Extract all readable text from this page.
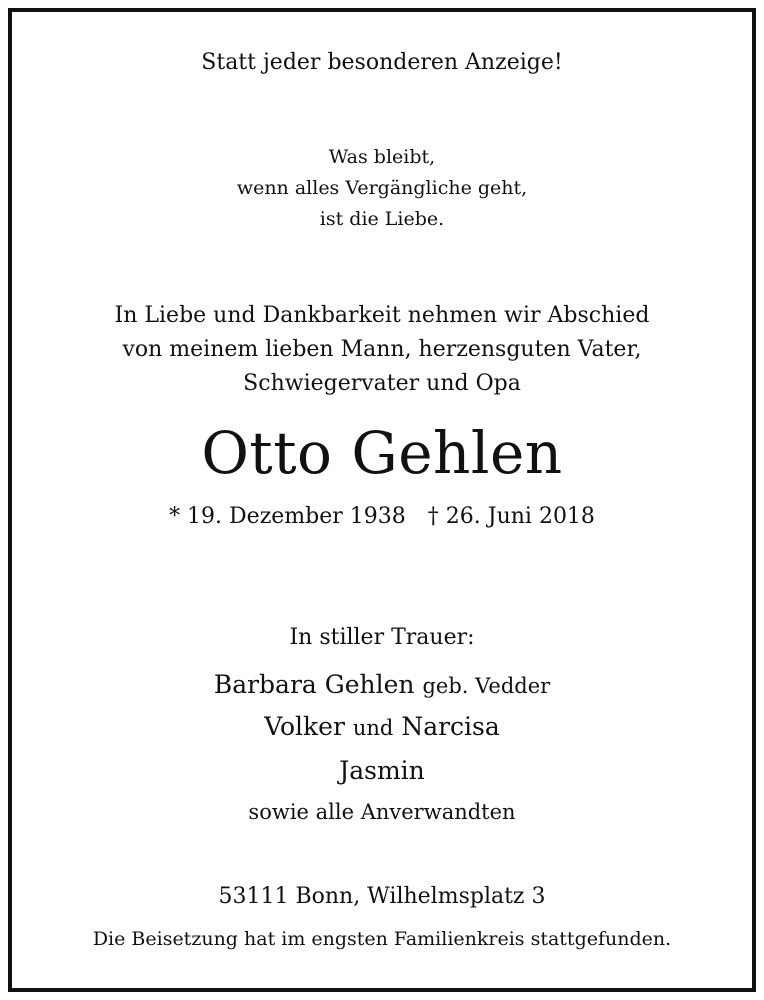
Statt jeder besonderen Anzeige!
Was bleibt,
wenn alles Vergängliche geht,
ist die Liebe.
In Liebe und Dankbarkeit nehmen wir Abschied
von meinem lieben Mann, herzensguten Vater,
Schwiegervater und Opa
Otto Gehlen
* 19. Dezember 1938 † 26. Juni 2018
In stiller Trauer:
Barbara Gehlen geb. Vedder
Volker und Narcisa
Jasmin
sowie alle Anverwandten
53111 Bonn, Wilhelmsplatz 3
Die Beisetzung hat im engsten Familienkreis stattgefunden.
